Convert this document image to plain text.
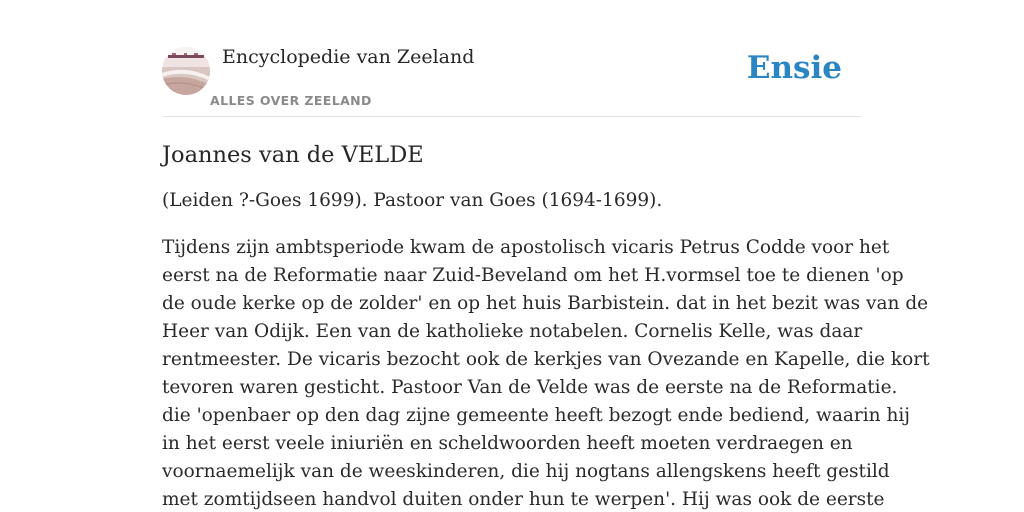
Encyclopedie van Zeeland
ALLES OVER ZEELAND
Ensie
Joannes van de VELDE

(Leiden ?-Goes 1699). Pastoor van Goes (1694-1699).

Tijdens zijn ambtsperiode kwam de apostolisch vicaris Petrus Codde voor het
eerst na de Reformatie naar Zuid-Beveland om het H.vormsel toe te dienen 'op
de oude kerke op de zolder' en op het huis Barbistein. dat in het bezit was van de
Heer van Odijk. Een van de katholieke notabelen. Cornelis Kelle, was daar
rentmeester. De vicaris bezocht ook de kerkjes van Ovezande en Kapelle, die kort
tevoren waren gesticht. Pastoor Van de Velde was de eerste na de Reformatie.
die 'openbaer op den dag zijne gemeente heeft bezogt ende bediend, waarin hij
in het eerst veele iniuriën en scheldwoorden heeft moeten verdraegen en
voornaemelijk van de weeskinderen, die hij nogtans allengskens heeft gestild
met zomtijdseen handvol duiten onder hun te werpen'. Hij was ook de eerste
